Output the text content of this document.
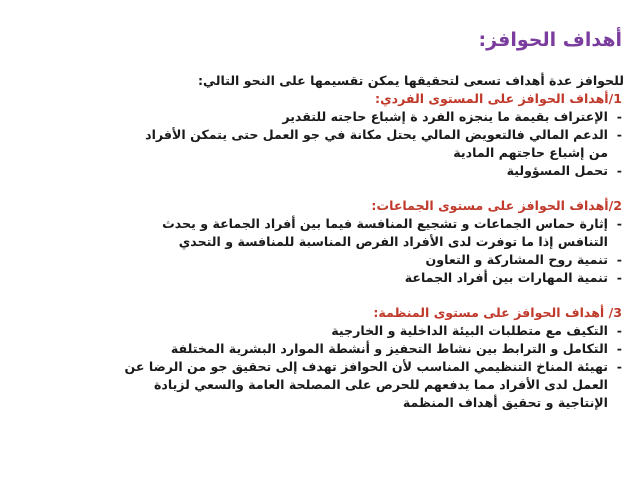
أهداف الحوافز:
للحوافز عدة أهداف تسعى لتحقيقها يمكن تقسيمها على النحو التالي:
1/أهداف الحوافز على المستوى الفردي:
-
الإعتراف بقيمة ما ينجزه الفرد ة إشباع حاجته للتقدير
-
الدعم المالي فالتعويض المالي يحتل مكانة في جو العمل حتى يتمكن الأفراد
من إشباع حاجتهم المادية
-
تحمل المسؤولية
2/أهداف الحوافز على مستوى الجماعات:
-
إثارة حماس الجماعات و تشجيع المنافسة فيما بين أفراد الجماعة و يحدث
التنافس إذا ما توفرت لدى الأفراد الفرص المناسبة للمنافسة و التحدي
-
تنمية روح المشاركة و التعاون
-
تنمية المهارات بين أفراد الجماعة
3/ أهداف الحوافز على مستوى المنظمة:
-
التكيف مع متطلبات البيئة الداخلية و الخارجية
-
التكامل و الترابط بين نشاط التحفيز و أنشطة الموارد البشرية المختلفة
-
تهيئة المناخ التنظيمي المناسب لأن الحوافز تهدف إلى تحقيق جو من الرضا عن
العمل لدى الأفراد مما يدفعهم للحرص على المصلحة العامة والسعي لزيادة
الإنتاجية و تحقيق أهداف المنظمة
